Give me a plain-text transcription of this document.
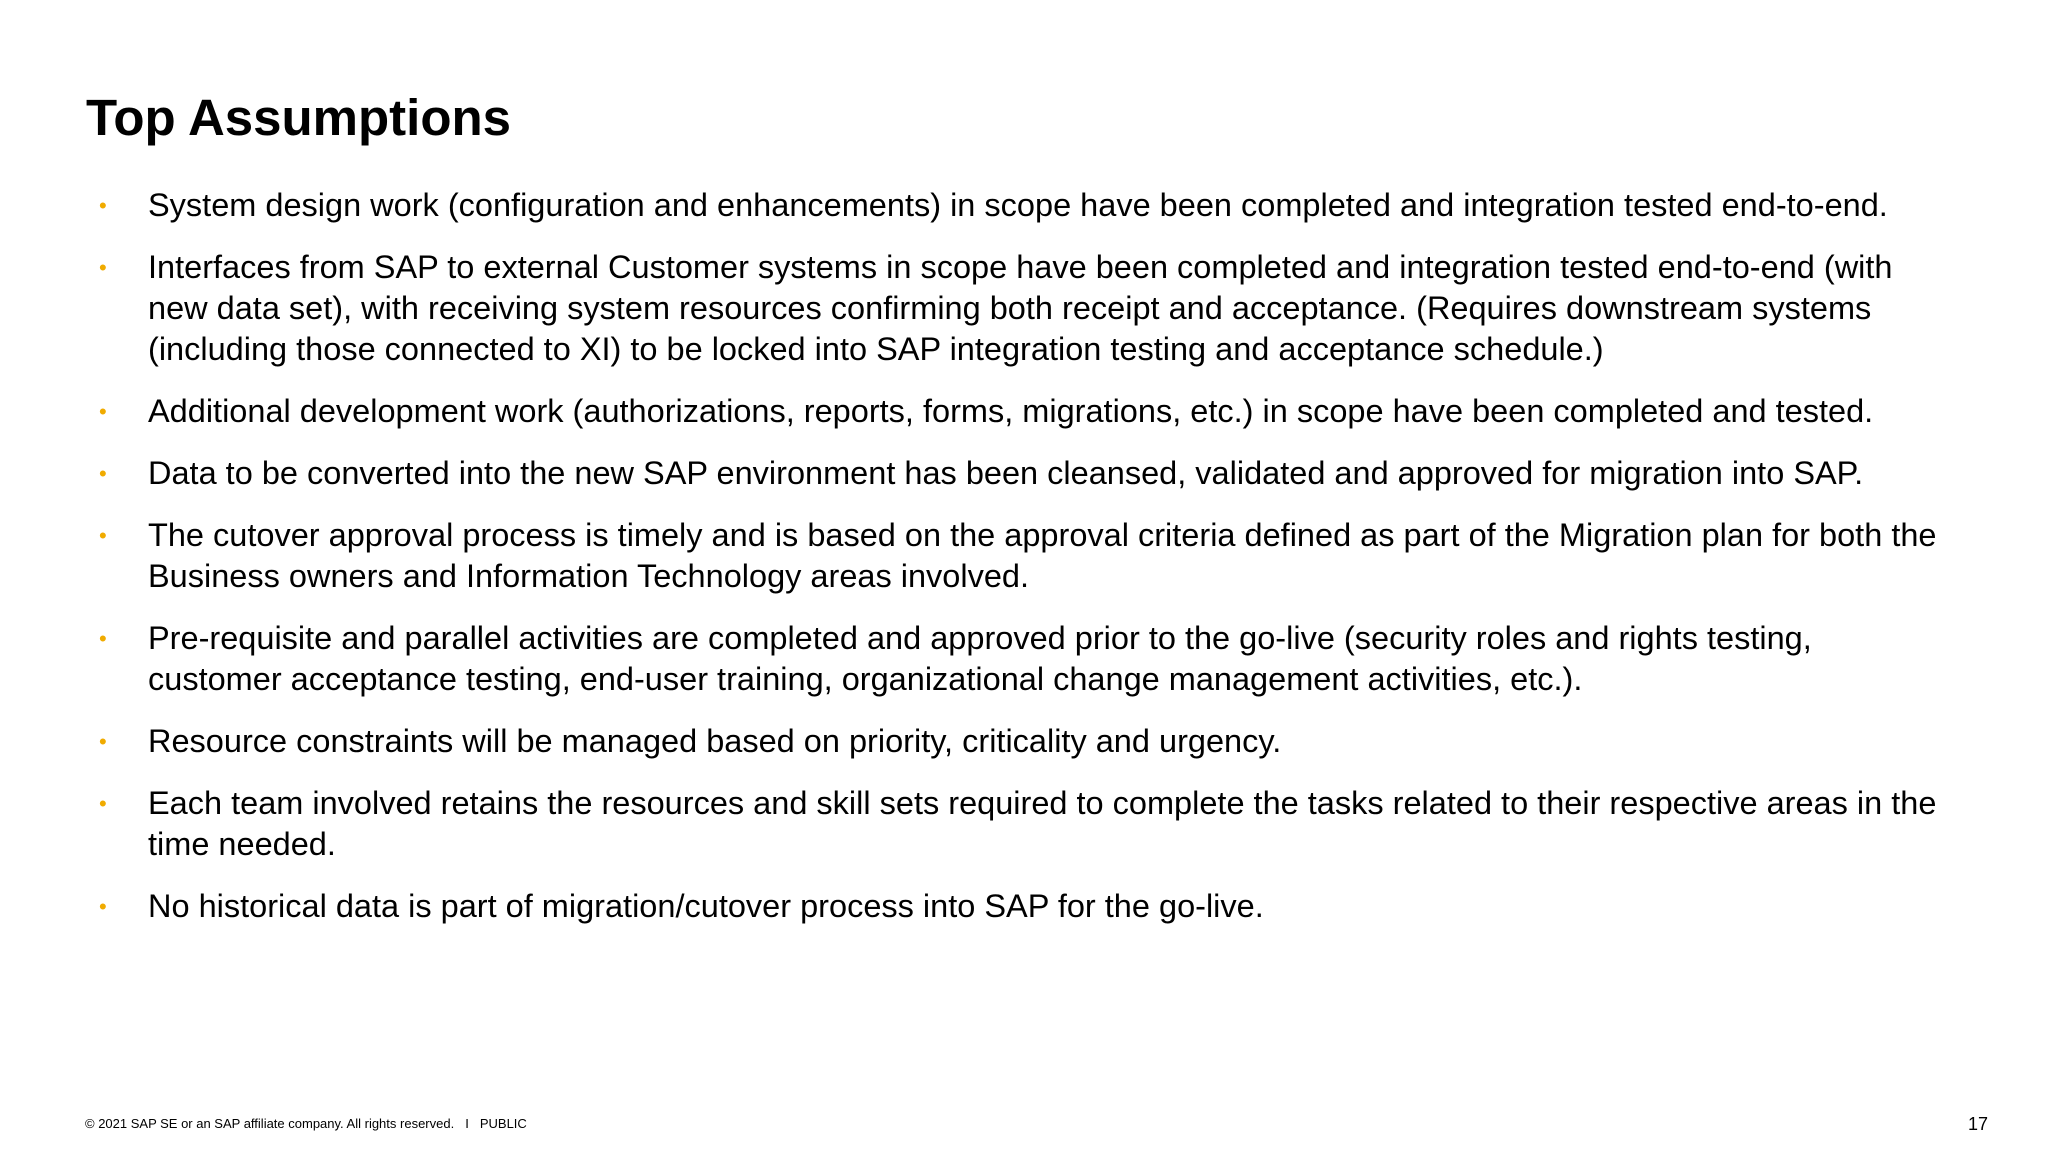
Top Assumptions
• System design work (configuration and enhancements) in scope have been completed and integration tested end-to-end.
• Interfaces from SAP to external Customer systems in scope have been completed and integration tested end-to-end (with new data set), with receiving system resources confirming both receipt and acceptance. (Requires downstream systems (including those connected to XI) to be locked into SAP integration testing and acceptance schedule.)
• Additional development work (authorizations, reports, forms, migrations, etc.) in scope have been completed and tested.
• Data to be converted into the new SAP environment has been cleansed, validated and approved for migration into SAP.
• The cutover approval process is timely and is based on the approval criteria defined as part of the Migration plan for both the Business owners and Information Technology areas involved.
• Pre-requisite and parallel activities are completed and approved prior to the go-live (security roles and rights testing, customer acceptance testing, end-user training, organizational change management activities, etc.).
• Resource constraints will be managed based on priority, criticality and urgency.
• Each team involved retains the resources and skill sets required to complete the tasks related to their respective areas in the time needed.
• No historical data is part of migration/cutover process into SAP for the go-live.
© 2021 SAP SE or an SAP affiliate company. All rights reserved. I PUBLIC	17
